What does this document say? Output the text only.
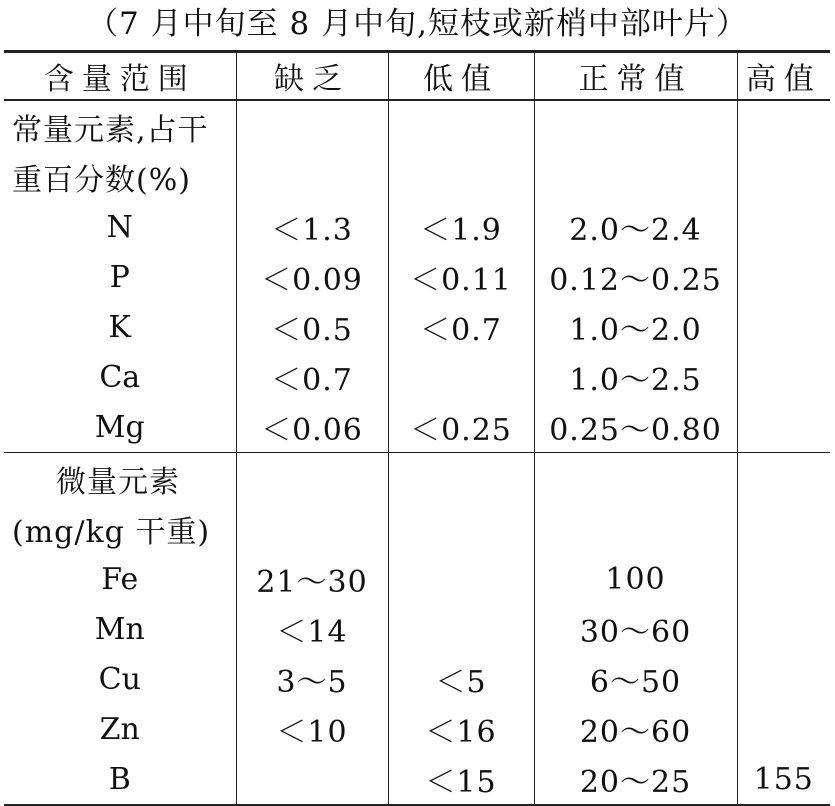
（7 月中旬至 8 月中旬,短枝或新梢中部叶片）
含量范围	缺乏	低值	正常值	高值
常量元素,占干				
重百分数(%)				
N	＜1.3	＜1.9	2.0～2.4	
P	＜0.09	＜0.11	0.12～0.25	
K	＜0.5	＜0.7	1.0～2.0	
Ca	＜0.7		1.0～2.5	
Mg	＜0.06	＜0.25	0.25～0.80	
微量元素				
(mg/kg 干重)				
Fe	21～30		100	
Mn	＜14		30～60	
Cu	3～5	＜5	6～50	
Zn	＜10	＜16	20～60	
B		＜15	20～25	155
